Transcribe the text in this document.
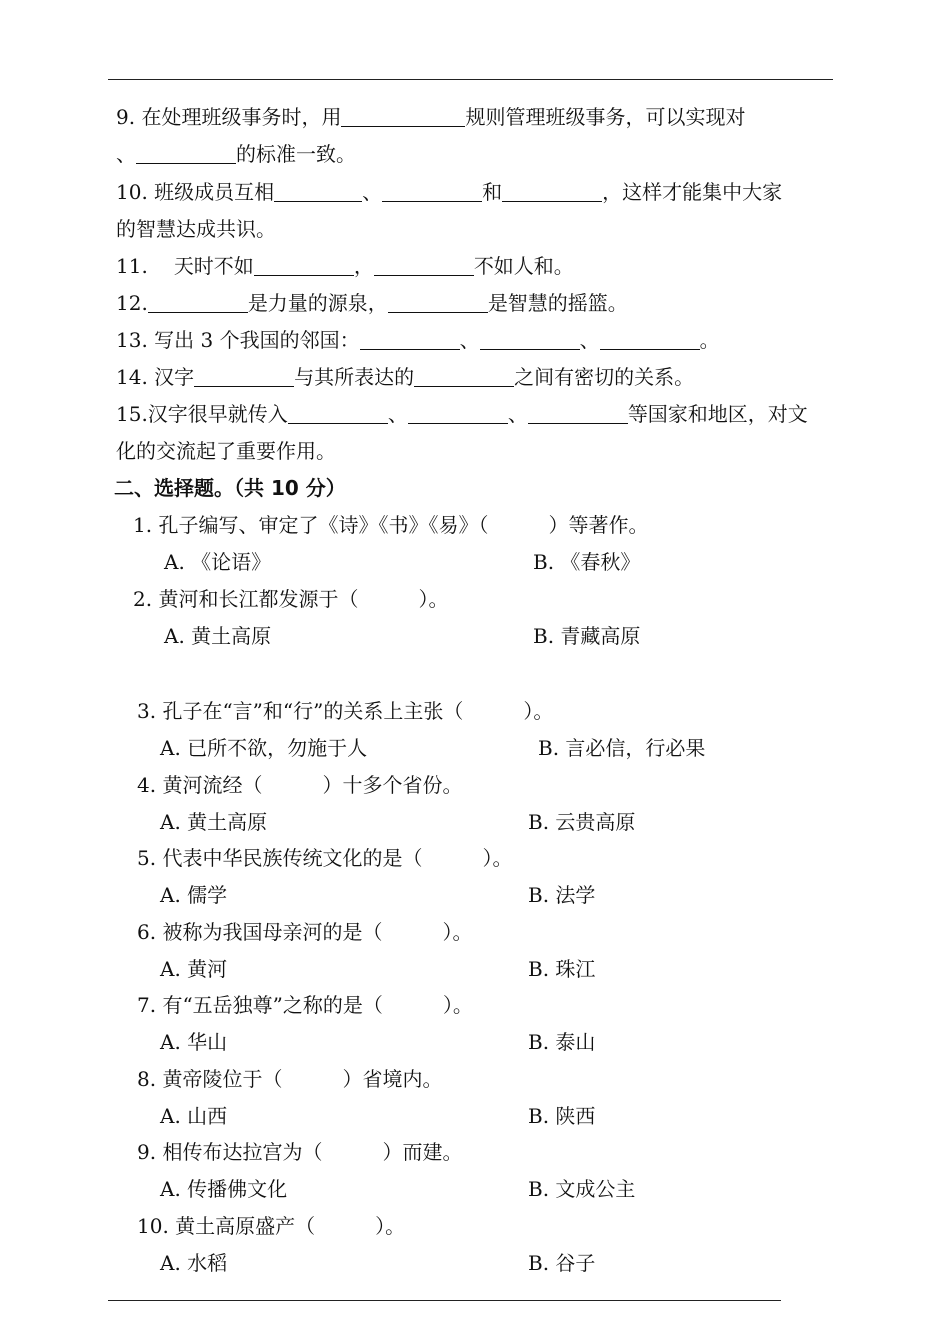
9. 在处理班级事务时，用	规则管理班级事务，可以实现对
、	的标准一致。
10. 班级成员互相	、	和	，这样才能集中大家
的智慧达成共识。
11. 天时不如	，	不如人和。
12.	是力量的源泉，	是智慧的摇篮。
13. 写出 3 个我国的邻国：	、	、	。
14. 汉字	与其所表达的	之间有密切的关系。
15.汉字很早就传入	、	、	等国家和地区，对文
化的交流起了重要作用。
二、选择题。（共 10 分）
1. 孔子编写、审定了《诗》《书》《易》（　　　）等著作。
A. 《论语》	B. 《春秋》
2. 黄河和长江都发源于（　　　）。
A. 黄土高原	B. 青藏高原
3. 孔子在“言”和“行”的关系上主张（　　　）。
A. 已所不欲，勿施于人	B. 言必信，行必果
4. 黄河流经（　　　）十多个省份。
A. 黄土高原	B. 云贵高原
5. 代表中华民族传统文化的是（　　　）。
A. 儒学	B. 法学
6. 被称为我国母亲河的是（　　　）。
A. 黄河	B. 珠江
7. 有“五岳独尊”之称的是（　　　）。
A. 华山	B. 泰山
8. 黄帝陵位于（　　　）省境内。
A. 山西	B. 陕西
9. 相传布达拉宫为（　　　）而建。
A. 传播佛文化	B. 文成公主
10. 黄土高原盛产（　　　）。
A. 水稻	B. 谷子
